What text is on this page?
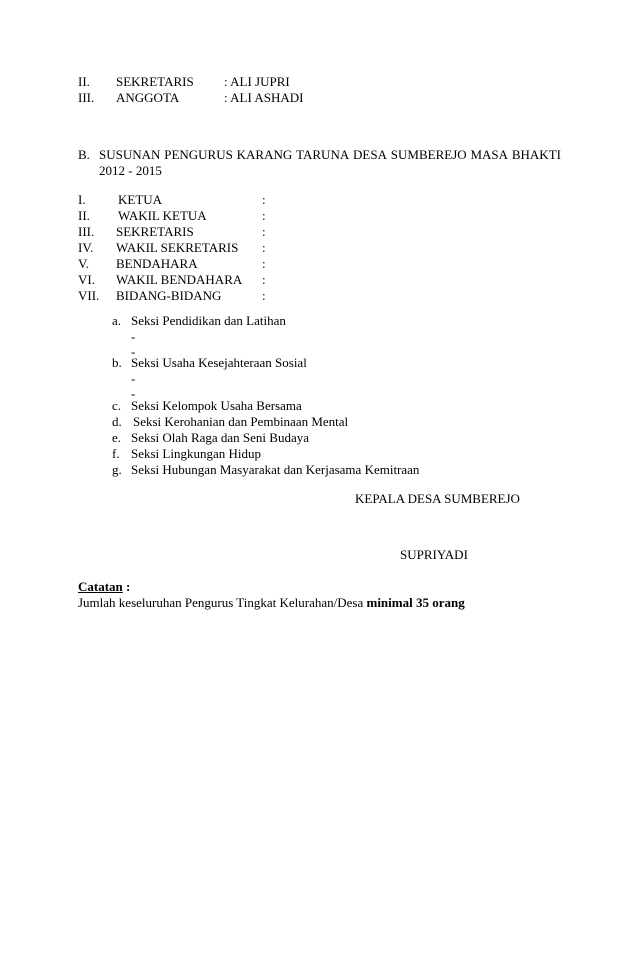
II. SEKRETARIS : ALI JUPRI
III. ANGGOTA	: ALI ASHADI
B. SUSUNAN PENGURUS KARANG TARUNA DESA SUMBEREJO MASA BHAKTI
2012 - 2015
I. KETUA	:
II. WAKIL KETUA	:
III. SEKRETARIS	:
IV. WAKIL SEKRETARIS :
V. BENDAHARA	:
VI. WAKIL BENDAHARA :
VII. BIDANG-BIDANG	:
a. Seksi Pendidikan dan Latihan
-
-
b. Seksi Usaha Kesejahteraan Sosial
-
-
c. Seksi Kelompok Usaha Bersama
d. Seksi Kerohanian dan Pembinaan Mental
e. Seksi Olah Raga dan Seni Budaya
f. Seksi Lingkungan Hidup
g. Seksi Hubungan Masyarakat dan Kerjasama Kemitraan
KEPALA DESA SUMBEREJO
SUPRIYADI
Catatan :
Jumlah keseluruhan Pengurus Tingkat Kelurahan/Desa minimal 35 orang
